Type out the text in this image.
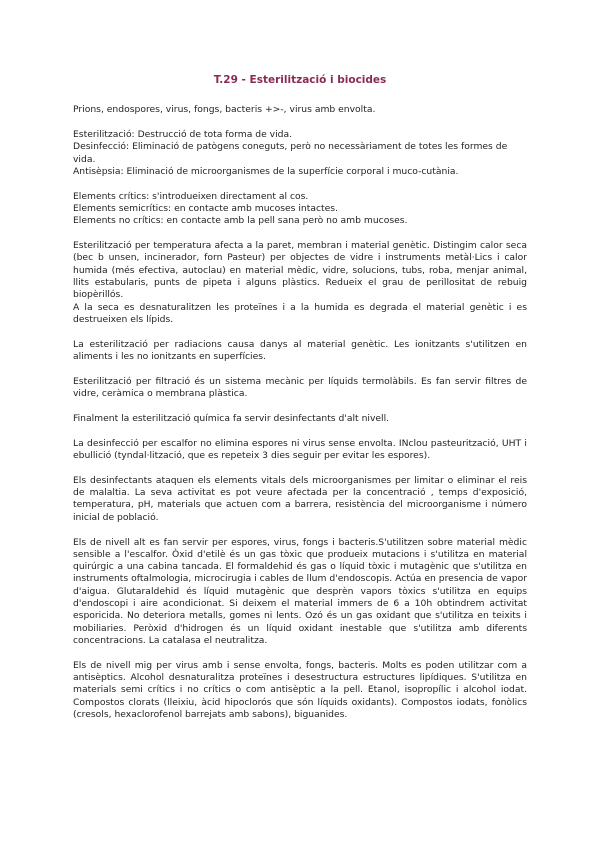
T.29 - Esterilització i biocides

Prions, endospores, virus, fongs, bacteris +>-, virus amb envolta.

Esterilització: Destrucció de tota forma de vida.

Desinfecció: Eliminació de patògens coneguts, però no necessàriament de totes les formes de vida.

Antisèpsia: Eliminació de microorganismes de la superfície corporal i muco-cutània.

Elements crítics: s'introdueixen directament al cos.

Elements semicrítics: en contacte amb mucoses intactes.

Elements no crítics: en contacte amb la pell sana però no amb mucoses.

Esterilització per temperatura afecta a la paret, membran i material genètic. Distingim calor seca (bec b unsen, incinerador, forn Pasteur) per objectes de vidre i instruments metàl·Lics i calor humida (més efectiva, autoclau) en material mèdic, vidre, solucions, tubs, roba, menjar animal, llits estabularis, punts de pipeta i alguns plàstics. Redueix el grau de perillositat de rebuig biopèrillós.

A la seca es desnaturalitzen les proteïnes i a la humida es degrada el material genètic i es destrueixen els lípids.

La esterilització per radiacions causa danys al material genètic. Les ionitzants s'utilitzen en aliments i les no ionitzants en superfícies.

Esterilització per filtració és un sistema mecànic per líquids termolàbils. Es fan servir filtres de vidre, ceràmica o membrana plàstica.

Finalment la esterilització química fa servir desinfectants d'alt nivell.

La desinfecció per escalfor no elimina espores ni virus sense envolta. INclou pasteurització, UHT i ebullició (tyndal·lització, que es repeteix 3 dies seguir per evitar les espores).

Els desinfectants ataquen els elements vitals dels microorganismes per limitar o eliminar el reis de malaltia. La seva activitat es pot veure afectada per la concentració , temps d'exposició, temperatura, pH, materials que actuen com a barrera, resistència del microorganisme i número inicial de població.

Els de nivell alt es fan servir per espores, virus, fongs i bacteris.S'utilitzen sobre material mèdic sensible a l'escalfor. Òxid d'etilè és un gas tòxic que produeix mutacions i s'utilitza en material quirúrgic a una cabina tancada. El formaldehid és gas o líquid tòxic i mutagènic que s'utilitza en instruments oftalmologia, microcirugia i cables de llum d'endoscopis. Actúa en presencia de vapor d'aigua. Glutaraldehid és líquid mutagènic que desprèn vapors tòxics s'utilitza en equips d'endoscopi i aire acondicionat. Si deixem el material immers de 6 a 10h obtindrem activitat esporicida. No deteriora metalls, gomes ni lents. Ozó és un gas oxidant que s'utilitza en teixits i mobiliaries. Peròxid d'hidrogen és un líquid oxidant inestable que s'utilitza amb diferents concentracions. La catalasa el neutralitza.

Els de nivell mig per virus amb i sense envolta, fongs, bacteris. Molts es poden utilitzar com a antisèptics. Alcohol desnaturalitza proteïnes i desestructura estructures lipídiques. S'utilitza en materials semi crítics i no crítics o com antisèptic a la pell. Etanol, isopropílic i alcohol iodat. Compostos clorats (lleixiu, àcid hipoclorós que són líquids oxidants). Compostos iodats, fonòlics (cresols, hexaclorofenol barrejats amb sabons), biguanides.
